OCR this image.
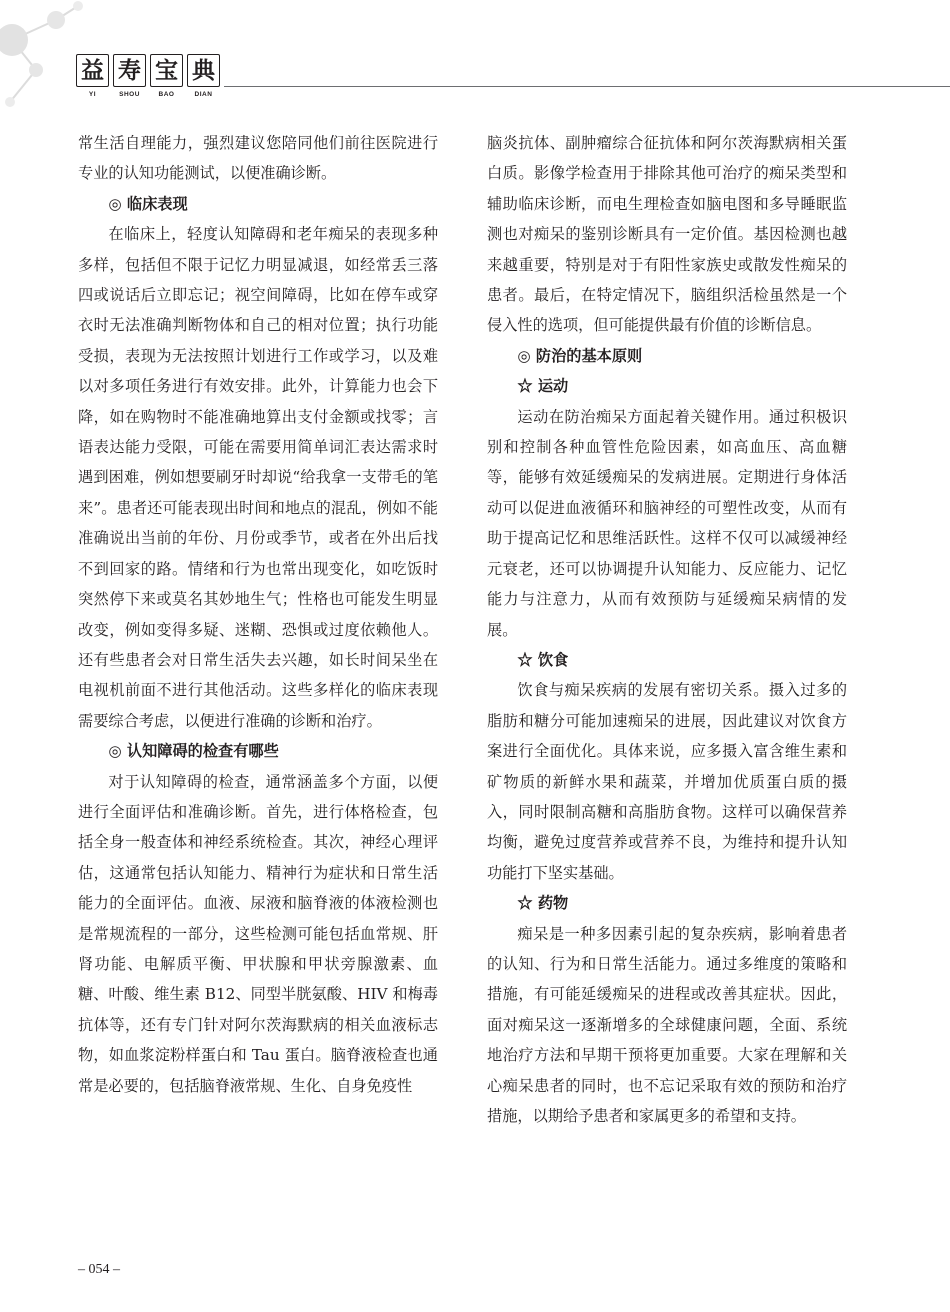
益 寿 宝 典
YI	SHOU	BAO	DIAN

常生活自理能力，强烈建议您陪同他们前往医院进行专业的认知功能测试，以便准确诊断。

◎ 临床表现

在临床上，轻度认知障碍和老年痴呆的表现多种多样，包括但不限于记忆力明显减退，如经常丢三落四或说话后立即忘记；视空间障碍，比如在停车或穿衣时无法准确判断物体和自己的相对位置；执行功能受损，表现为无法按照计划进行工作或学习，以及难以对多项任务进行有效安排。此外，计算能力也会下降，如在购物时不能准确地算出支付金额或找零；言语表达能力受限，可能在需要用简单词汇表达需求时遇到困难，例如想要刷牙时却说“给我拿一支带毛的笔来”。患者还可能表现出时间和地点的混乱，例如不能准确说出当前的年份、月份或季节，或者在外出后找不到回家的路。情绪和行为也常出现变化，如吃饭时突然停下来或莫名其妙地生气；性格也可能发生明显改变，例如变得多疑、迷糊、恐惧或过度依赖他人。还有些患者会对日常生活失去兴趣，如长时间呆坐在电视机前面不进行其他活动。这些多样化的临床表现需要综合考虑，以便进行准确的诊断和治疗。

◎ 认知障碍的检查有哪些

对于认知障碍的检查，通常涵盖多个方面，以便进行全面评估和准确诊断。首先，进行体格检查，包括全身一般查体和神经系统检查。其次，神经心理评估，这通常包括认知能力、精神行为症状和日常生活能力的全面评估。血液、尿液和脑脊液的体液检测也是常规流程的一部分，这些检测可能包括血常规、肝肾功能、电解质平衡、甲状腺和甲状旁腺激素、血糖、叶酸、维生素 B12、同型半胱氨酸、HIV 和梅毒抗体等，还有专门针对阿尔茨海默病的相关血液标志物，如血浆淀粉样蛋白和 Tau 蛋白。脑脊液检查也通常是必要的，包括脑脊液常规、生化、自身免疫性

脑炎抗体、副肿瘤综合征抗体和阿尔茨海默病相关蛋白质。影像学检查用于排除其他可治疗的痴呆类型和辅助临床诊断，而电生理检查如脑电图和多导睡眠监测也对痴呆的鉴别诊断具有一定价值。基因检测也越来越重要，特别是对于有阳性家族史或散发性痴呆的患者。最后，在特定情况下，脑组织活检虽然是一个侵入性的选项，但可能提供最有价值的诊断信息。

◎ 防治的基本原则
☆ 运动

运动在防治痴呆方面起着关键作用。通过积极识别和控制各种血管性危险因素，如高血压、高血糖等，能够有效延缓痴呆的发病进展。定期进行身体活动可以促进血液循环和脑神经的可塑性改变，从而有助于提高记忆和思维活跃性。这样不仅可以减缓神经元衰老，还可以协调提升认知能力、反应能力、记忆能力与注意力，从而有效预防与延缓痴呆病情的发展。

☆ 饮食

饮食与痴呆疾病的发展有密切关系。摄入过多的脂肪和糖分可能加速痴呆的进展，因此建议对饮食方案进行全面优化。具体来说，应多摄入富含维生素和矿物质的新鲜水果和蔬菜，并增加优质蛋白质的摄入，同时限制高糖和高脂肪食物。这样可以确保营养均衡，避免过度营养或营养不良，为维持和提升认知功能打下坚实基础。

☆ 药物

痴呆是一种多因素引起的复杂疾病，影响着患者的认知、行为和日常生活能力。通过多维度的策略和措施，有可能延缓痴呆的进程或改善其症状。因此，面对痴呆这一逐渐增多的全球健康问题，全面、系统地治疗方法和早期干预将更加重要。大家在理解和关心痴呆患者的同时，也不忘记采取有效的预防和治疗措施，以期给予患者和家属更多的希望和支持。

– 054 –
